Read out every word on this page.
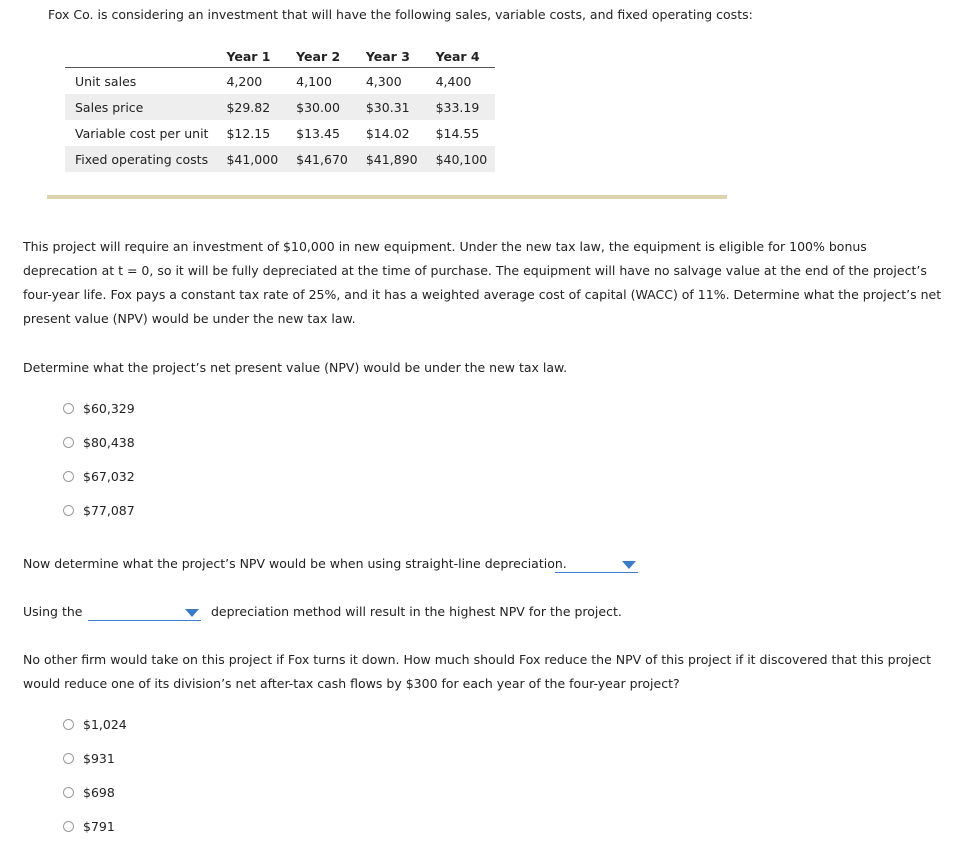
Fox Co. is considering an investment that will have the following sales, variable costs, and fixed operating costs:
	Year 1	Year 2	Year 3	Year 4
Unit sales	4,200	4,100	4,300	4,400
Sales price	$29.82	$30.00	$30.31	$33.19
Variable cost per unit	$12.15	$13.45	$14.02	$14.55
Fixed operating costs	$41,000	$41,670	$41,890	$40,100
This project will require an investment of $10,000 in new equipment. Under the new tax law, the equipment is eligible for 100% bonus deprecation at t = 0, so it will be fully depreciated at the time of purchase. The equipment will have no salvage value at the end of the project’s four-year life. Fox pays a constant tax rate of 25%, and it has a weighted average cost of capital (WACC) of 11%. Determine what the project’s net present value (NPV) would be under the new tax law.
Determine what the project’s net present value (NPV) would be under the new tax law.
$60,329
$80,438
$67,032
$77,087
Now determine what the project’s NPV would be when using straight-line depreciation.
Using the	depreciation method will result in the highest NPV for the project.
No other firm would take on this project if Fox turns it down. How much should Fox reduce the NPV of this project if it discovered that this project would reduce one of its division’s net after-tax cash flows by $300 for each year of the four-year project?
$1,024
$931
$698
$791
